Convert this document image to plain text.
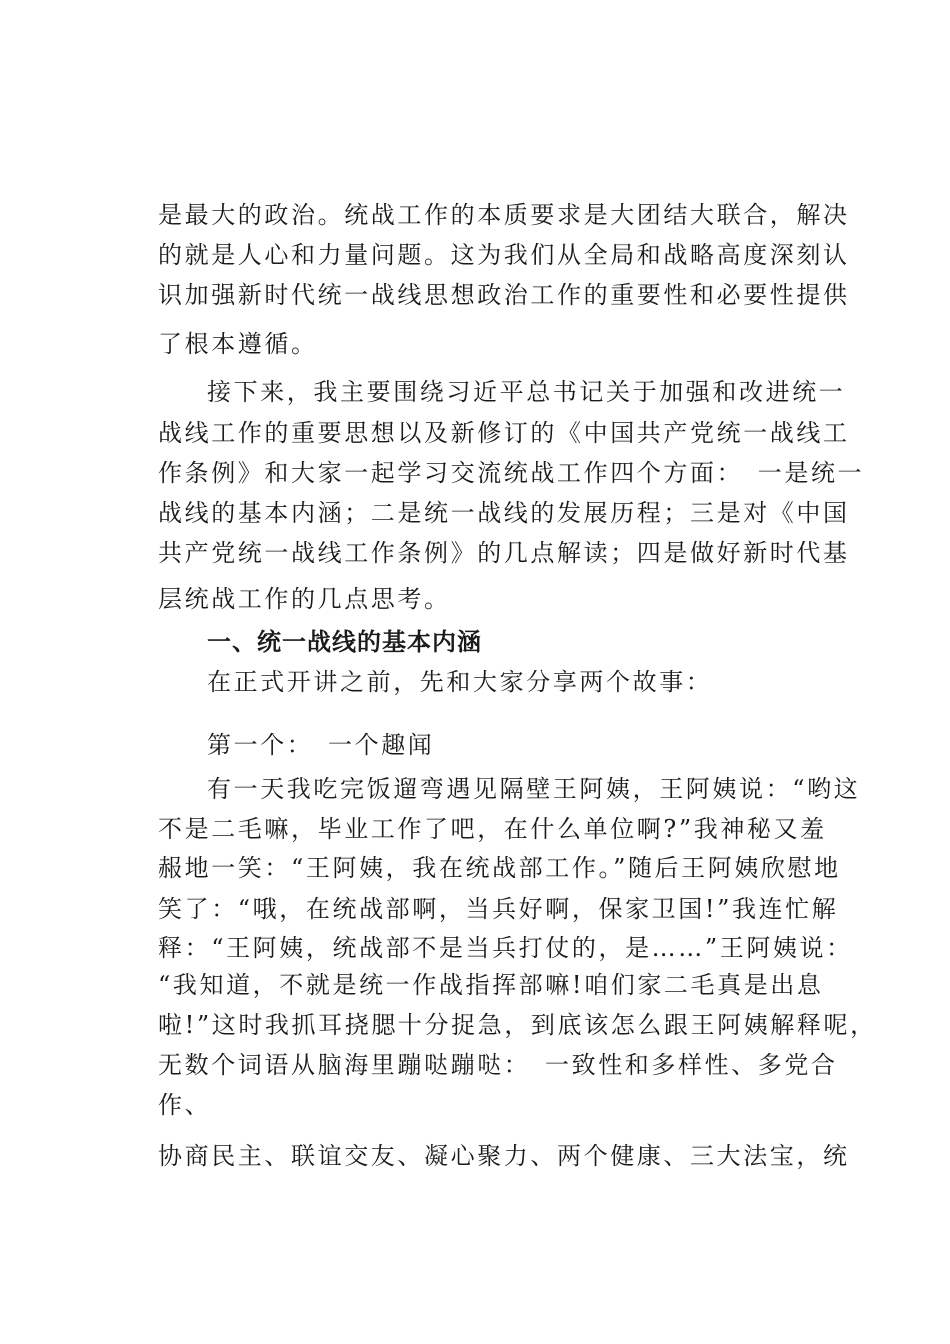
是最大的政治。统战工作的本质要求是大团结大联合，解决
的就是人心和力量问题。这为我们从全局和战略高度深刻认
识加强新时代统一战线思想政治工作的重要性和必要性提供
了根本遵循。
接下来，我主要围绕习近平总书记关于加强和改进统一
战线工作的重要思想以及新修订的《中国共产党统一战线工
作条例》和大家一起学习交流统战工作四个方面：　一是统一
战线的基本内涵；二是统一战线的发展历程；三是对《中国
共产党统一战线工作条例》的几点解读；四是做好新时代基
层统战工作的几点思考。
一、统一战线的基本内涵
在正式开讲之前，先和大家分享两个故事：
第一个：　一个趣闻
有一天我吃完饭遛弯遇见隔壁王阿姨，王阿姨说：“哟这
不是二毛嘛，毕业工作了吧，在什么单位啊?”我神秘又羞
赧地一笑：“王阿姨，我在统战部工作。”随后王阿姨欣慰地
笑了：“哦，在统战部啊，当兵好啊，保家卫国!”我连忙解
释：“王阿姨，统战部不是当兵打仗的，是……”王阿姨说：
“我知道，不就是统一作战指挥部嘛!咱们家二毛真是出息
啦!”这时我抓耳挠腮十分捉急，到底该怎么跟王阿姨解释呢，
无数个词语从脑海里蹦哒蹦哒：　一致性和多样性、多党合
作、
协商民主、联谊交友、凝心聚力、两个健康、三大法宝，统
